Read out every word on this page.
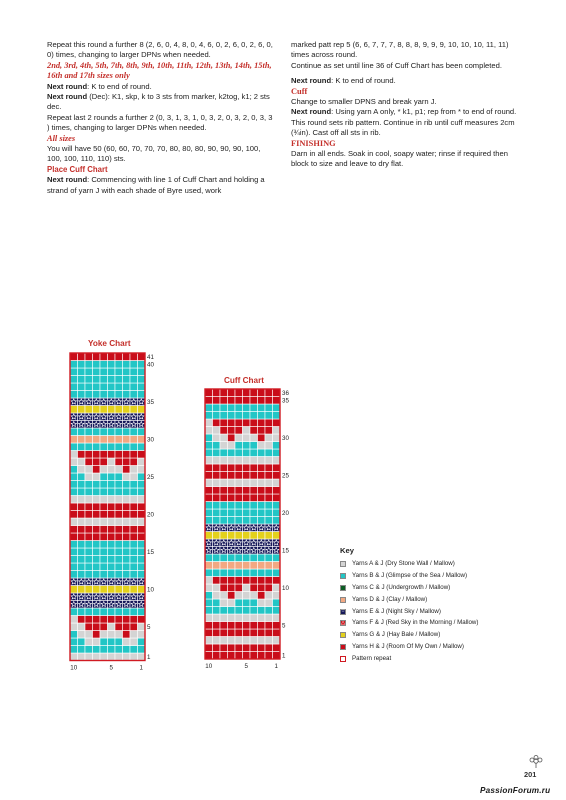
Repeat this round a further 8 (2, 6, 0, 4, 8, 0, 4, 6, 0, 2, 6, 0, 2, 6, 0, 0) times, changing to larger DPNs when needed.

2nd, 3rd, 4th, 5th, 7th, 8th, 9th, 10th, 11th, 12th, 13th, 14th, 15th, 16th and 17th sizes only

Next round: K to end of round.

Next round (Dec): K1, skp, k to 3 sts from marker, k2tog, k1; 2 sts dec.

Repeat last 2 rounds a further 2 (0, 3, 1, 3, 1, 0, 3, 2, 0, 3, 2, 0, 3, 3 ) times, changing to larger DPNs when needed.

All sizes

You will have 50 (60, 60, 70, 70, 70, 80, 80, 80, 90, 90, 90, 100, 100, 100, 110, 110) sts.

Place Cuff Chart

Next round: Commencing with line 1 of Cuff Chart and holding a strand of yarn J with each shade of Byre used, work

marked patt rep 5 (6, 6, 7, 7, 7, 8, 8, 8, 9, 9, 9, 10, 10, 10, 11, 11) times across round.

Continue as set until line 36 of Cuff Chart has been completed.

Next round: K to end of round.

Cuff

Change to smaller DPNS and break yarn J.

Next round: Using yarn A only, * k1, p1; rep from * to end of round.

This round sets rib pattern. Continue in rib until cuff measures 2cm (¾in). Cast off all sts in rib.

FINISHING

Darn in all ends. Soak in cool, soapy water; rinse if required then block to size and leave to dry flat.

Yoke Chart
Cuff Chart
1
5
10
15
20
25
30
35
40
41
10	5	1
1
5
10
15
20
25
30
35
36
10	5	1
Key
Yarns A & J (Dry Stone Wall / Mallow)
Yarns B & J (Glimpse of the Sea / Mallow)
Yarns C & J (Undergrowth / Mallow)
Yarns D & J (Clay / Mallow)
☆ Yarns E & J (Night Sky / Mallow)
△ Yarns F & J (Red Sky in the Morning / Mallow)
Yarns G & J (Hay Bale / Mallow)
Yarns H & J (Room Of My Own / Mallow)
Pattern repeat
201
PassionForum.ru
